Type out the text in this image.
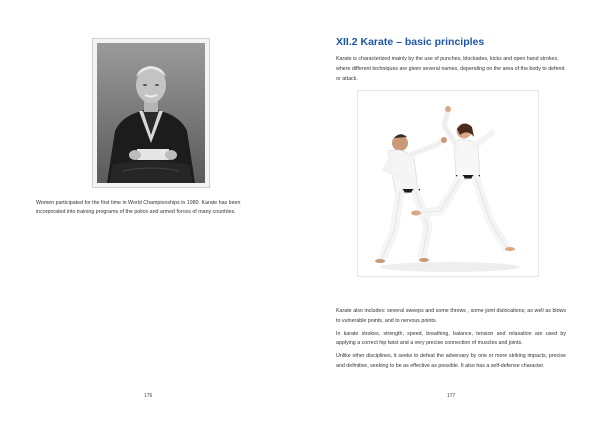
Women participated for the first time in World Championships in 1980. Karate has been incorporated into training programs of the police and armed forces of many countries.
176
XII.2 Karate – basic principles
Karate is characterized mainly by the use of punches, blockades, kicks and open hand strokes, where different techniques are given several names, depending on the area of the body to defend or attack.

Karate also includes: several sweeps and some throws , some joint dislocations; as well as blows to vulnerable points, and to nervous points.

In karate strokes, strength, speed, breathing, balance, tension and relaxation are used by applying a correct hip twist and a very precise connection of muscles and joints.

Unlike other disciplines, it seeks to defeat the adversary by one or more striking impacts, precise and definitive, seeking to be as effective as possible. It also has a self-defense character.

177
